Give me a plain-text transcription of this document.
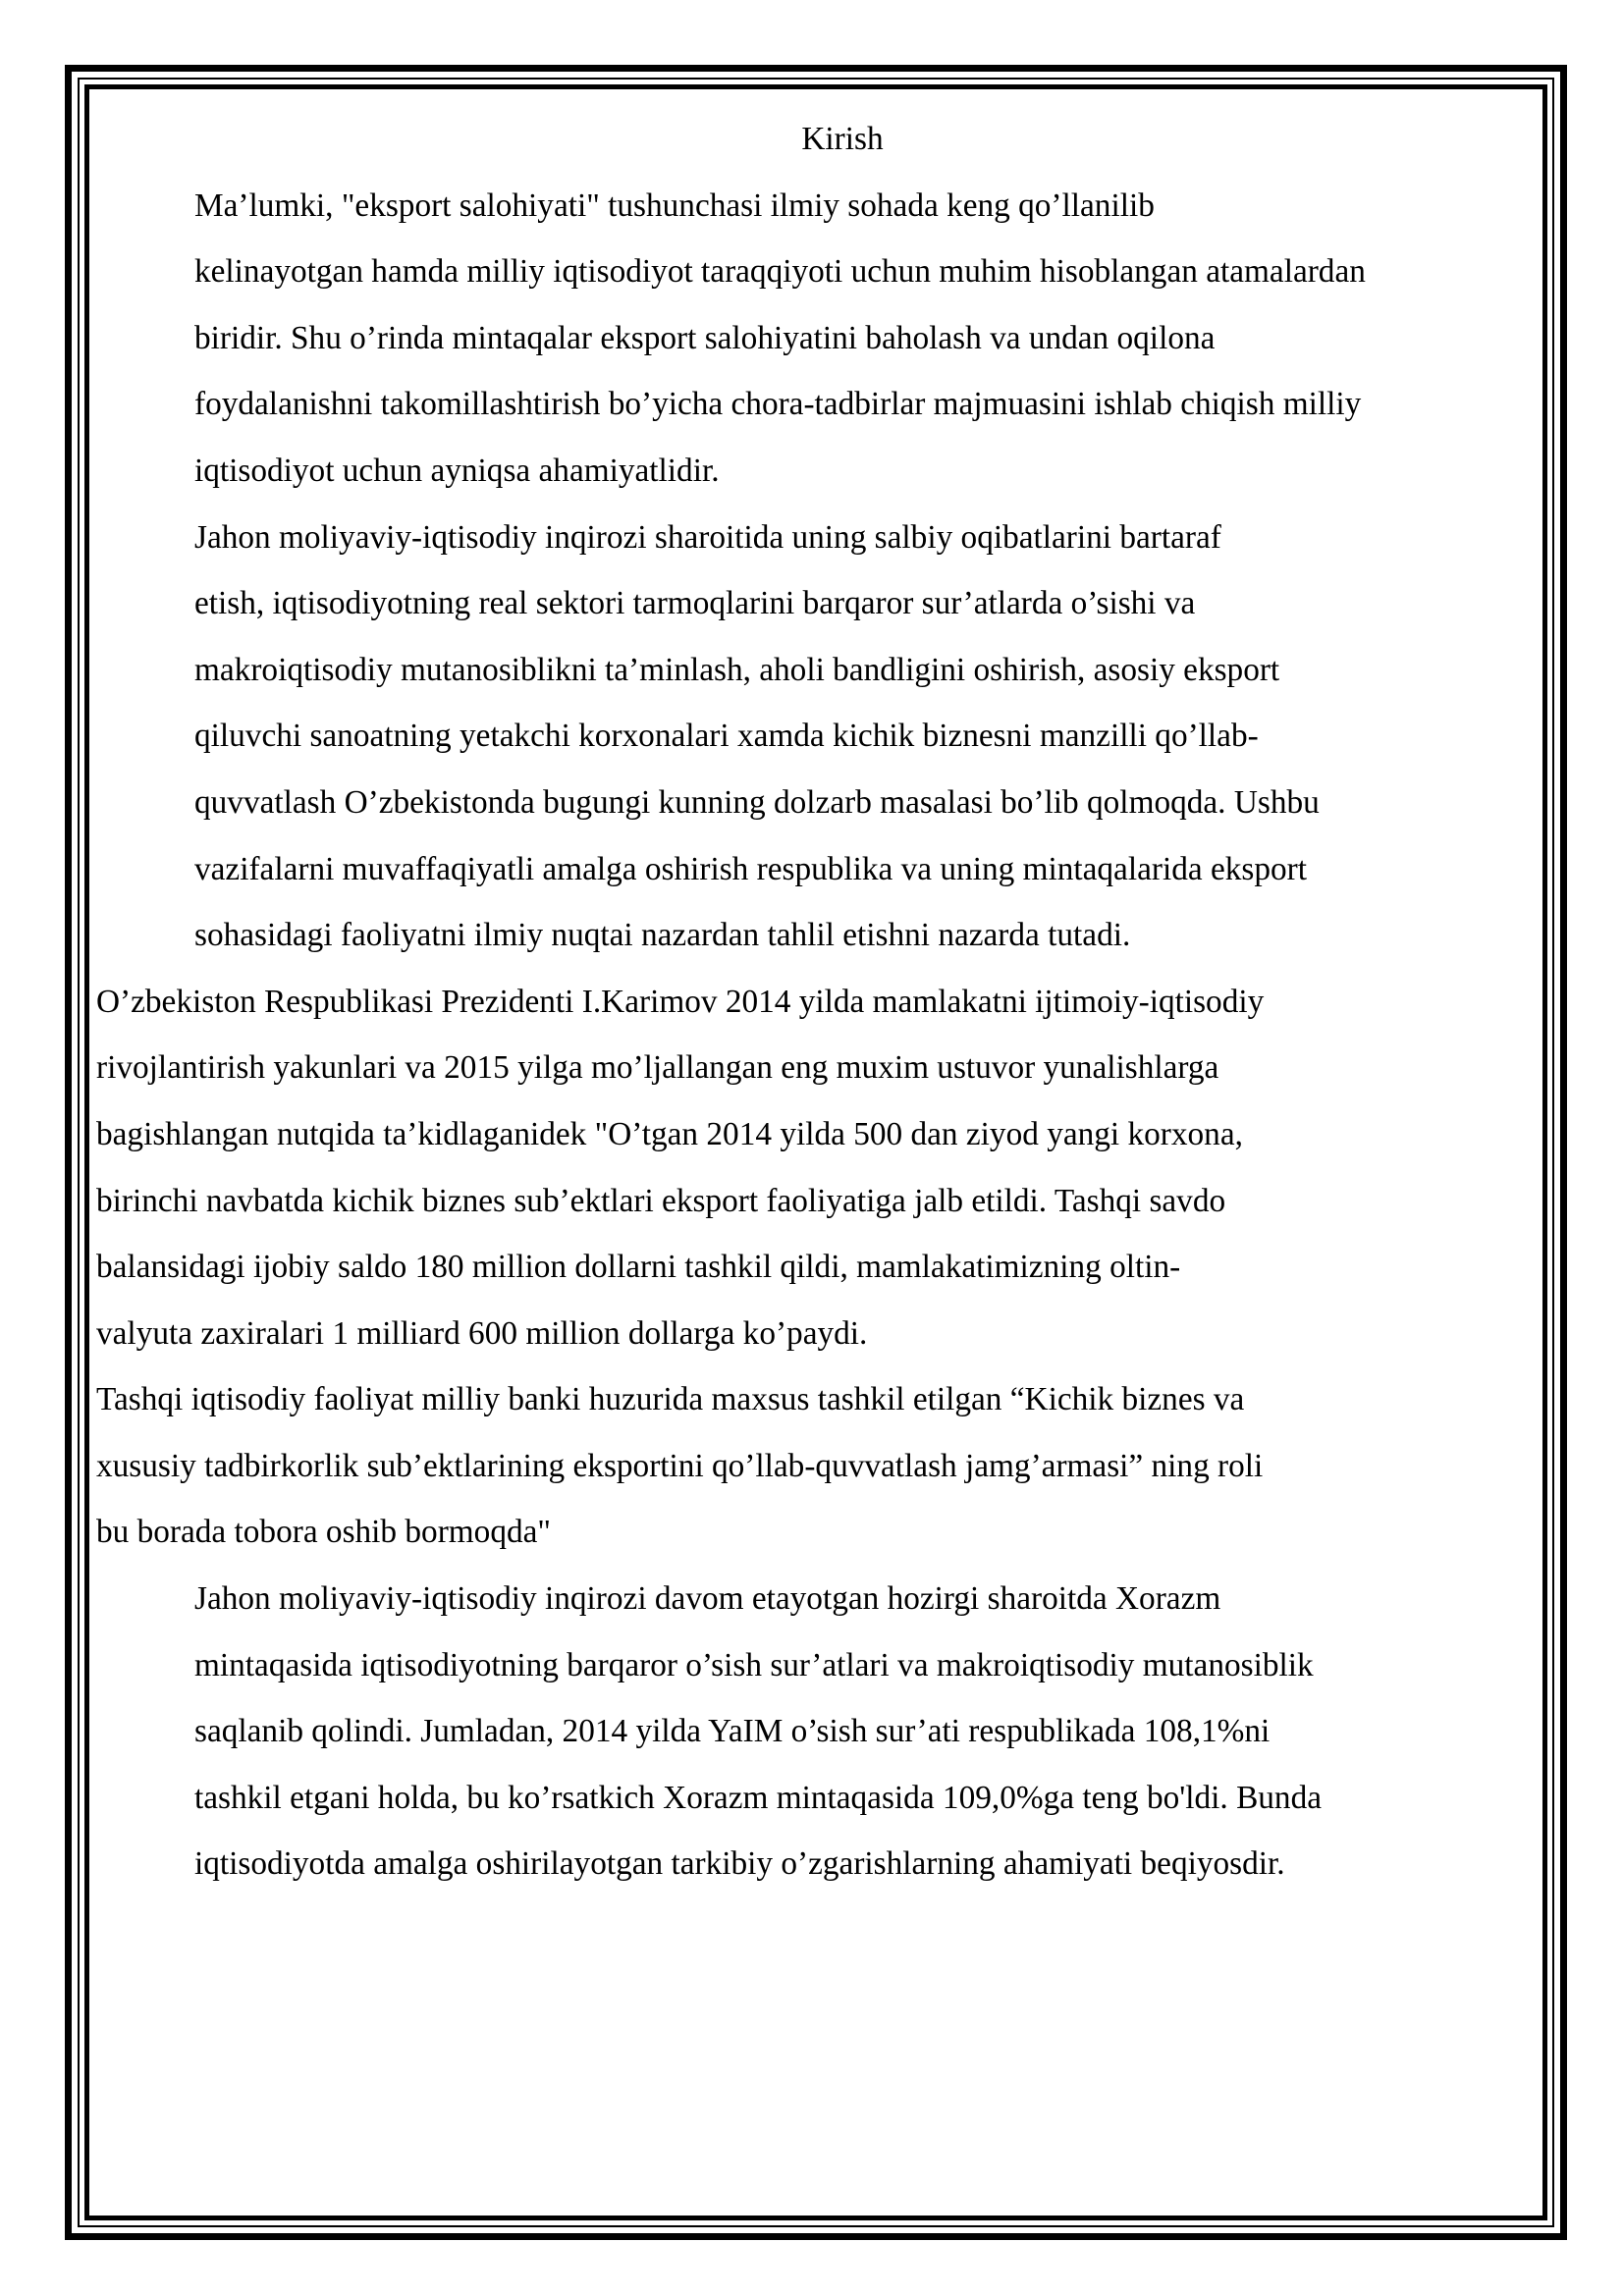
Kirish

Ma’lumki, "eksport salohiyati" tushunchasi ilmiy sohada keng qo’llanilib
kelinayotgan hamda milliy iqtisodiyot taraqqiyoti uchun muhim hisoblangan atamalardan
biridir. Shu o’rinda mintaqalar eksport salohiyatini baholash va undan oqilona
foydalanishni takomillashtirish bo’yicha chora-tadbirlar majmuasini ishlab chiqish milliy
iqtisodiyot uchun ayniqsa ahamiyatlidir.

Jahon moliyaviy-iqtisodiy inqirozi sharoitida uning salbiy oqibatlarini bartaraf
etish, iqtisodiyotning real sektori tarmoqlarini barqaror sur’atlarda o’sishi va
makroiqtisodiy mutanosiblikni ta’minlash, aholi bandligini oshirish, asosiy eksport
qiluvchi sanoatning yetakchi korxonalari xamda kichik biznesni manzilli qo’llab-
quvvatlash O’zbekistonda bugungi kunning dolzarb masalasi bo’lib qolmoqda. Ushbu
vazifalarni muvaffaqiyatli amalga oshirish respublika va uning mintaqalarida eksport
sohasidagi faoliyatni ilmiy nuqtai nazardan tahlil etishni nazarda tutadi.

O’zbekiston Respublikasi Prezidenti I.Karimov 2014 yilda mamlakatni ijtimoiy-iqtisodiy
rivojlantirish yakunlari va 2015 yilga mo’ljallangan eng muxim ustuvor yunalishlarga
bagishlangan nutqida ta’kidlaganidek "O’tgan 2014 yilda 500 dan ziyod yangi korxona,
birinchi navbatda kichik biznes sub’ektlari eksport faoliyatiga jalb etildi. Tashqi savdo
balansidagi ijobiy saldo 180 million dollarni tashkil qildi, mamlakatimizning oltin-
valyuta zaxiralari 1 milliard 600 million dollarga ko’paydi.

Tashqi iqtisodiy faoliyat milliy banki huzurida maxsus tashkil etilgan “Kichik biznes va
xususiy tadbirkorlik sub’ektlarining eksportini qo’llab-quvvatlash jamg’armasi” ning roli
bu borada tobora oshib bormoqda"

Jahon moliyaviy-iqtisodiy inqirozi davom etayotgan hozirgi sharoitda Xorazm
mintaqasida iqtisodiyotning barqaror o’sish sur’atlari va makroiqtisodiy mutanosiblik
saqlanib qolindi. Jumladan, 2014 yilda YaIM o’sish sur’ati respublikada 108,1%ni
tashkil etgani holda, bu ko’rsatkich Xorazm mintaqasida 109,0%ga teng bo'ldi. Bunda
iqtisodiyotda amalga oshirilayotgan tarkibiy o’zgarishlarning ahamiyati beqiyosdir.
